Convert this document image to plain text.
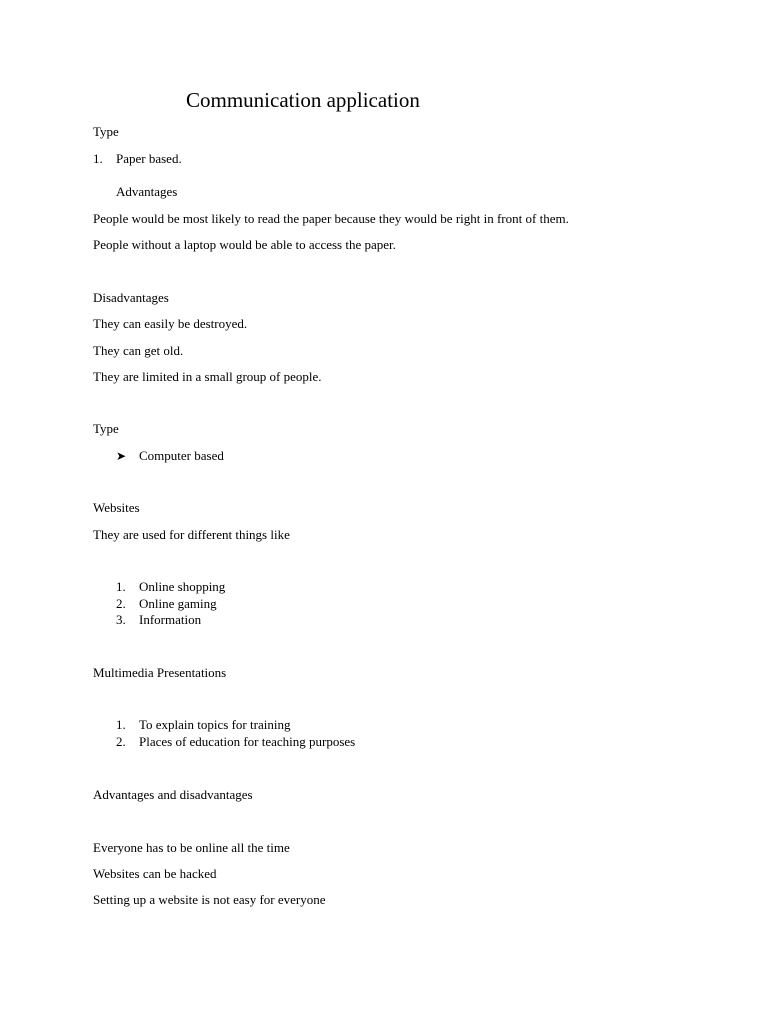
Communication application

Type

1. Paper based.

Advantages

People would be most likely to read the paper because they would be right in front of them.

People without a laptop would be able to access the paper.

Disadvantages

They can easily be destroyed.

They can get old.

They are limited in a small group of people.

Type

➤ Computer based

Websites

They are used for different things like

1. Online shopping

2. Online gaming

3. Information

Multimedia Presentations

1. To explain topics for training

2. Places of education for teaching purposes

Advantages and disadvantages

Everyone has to be online all the time

Websites can be hacked

Setting up a website is not easy for everyone
